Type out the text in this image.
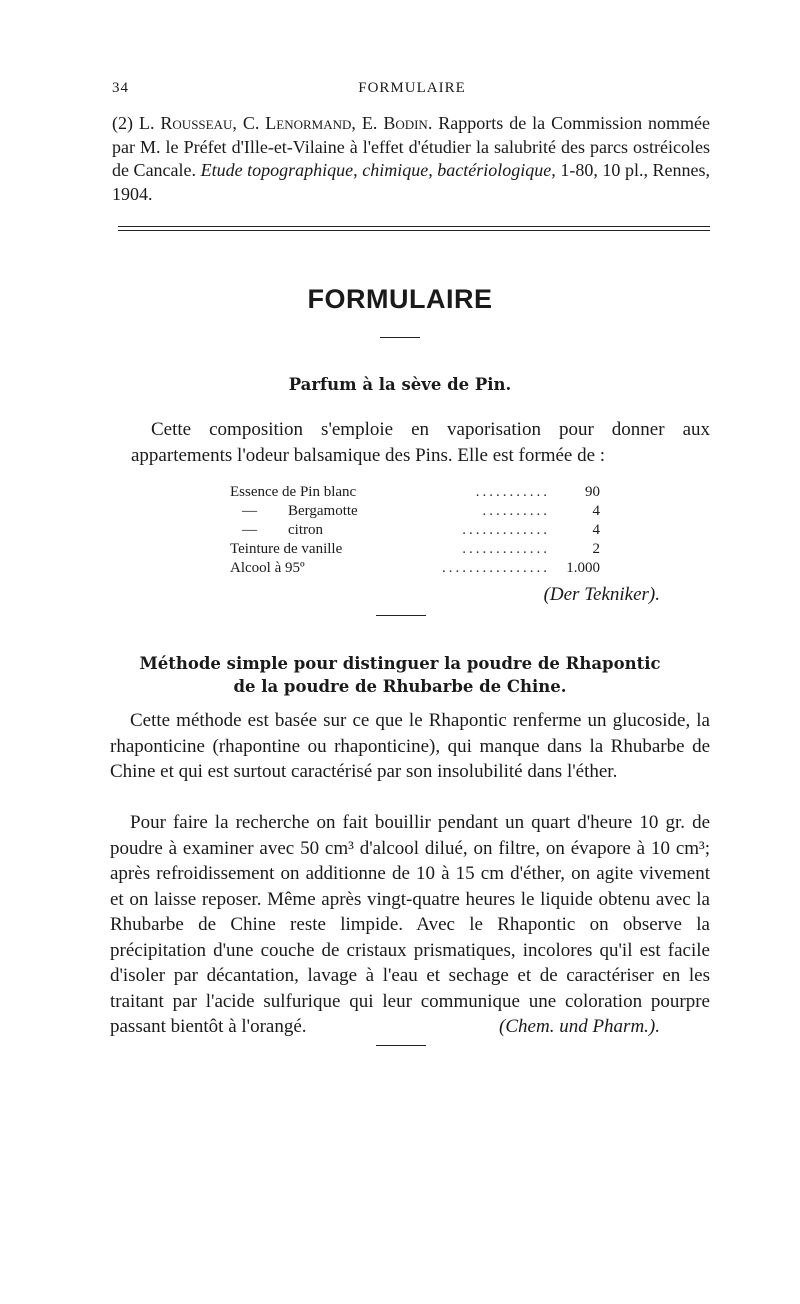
34	FORMULAIRE
(2) L. Rousseau, C. Lenormand, E. Bodin. Rapports de la Commission nommée par M. le Préfet d'Ille-et-Vilaine à l'effet d'étudier la salubrité des parcs ostréicoles de Cancale. Etude topographique, chimique, bactériologique, 1-80, 10 pl., Rennes, 1904.
FORMULAIRE
Parfum à la sève de Pin.
Cette composition s'emploie en vaporisation pour donner aux appartements l'odeur balsamique des Pins. Elle est formée de :
Essence de Pin blanc	...........	90
— Bergamotte	..........	4
— citron	.............	4
Teinture de vanille	.............	2
Alcool à 95º	................	1.000
(Der Tekniker).
Méthode simple pour distinguer la poudre de Rhapontic
de la poudre de Rhubarbe de Chine.
Cette méthode est basée sur ce que le Rhapontic renferme un glucoside, la rhaponticine (rhapontine ou rhaponticine), qui manque dans la Rhubarbe de Chine et qui est surtout caractérisé par son insolubilité dans l'éther.
Pour faire la recherche on fait bouillir pendant un quart d'heure 10 gr. de poudre à examiner avec 50 cm³ d'alcool dilué, on filtre, on évapore à 10 cm³; après refroidissement on additionne de 10 à 15 cm d'éther, on agite vivement et on laisse reposer. Même après vingt-quatre heures le liquide obtenu avec la Rhubarbe de Chine reste limpide. Avec le Rhapontic on observe la précipitation d'une couche de cristaux prismatiques, incolores qu'il est facile d'isoler par décantation, lavage à l'eau et sechage et de caractériser en les traitant par l'acide sulfurique qui leur communique une coloration pourpre passant bientôt à l'orangé.	(Chem. und Pharm.).
